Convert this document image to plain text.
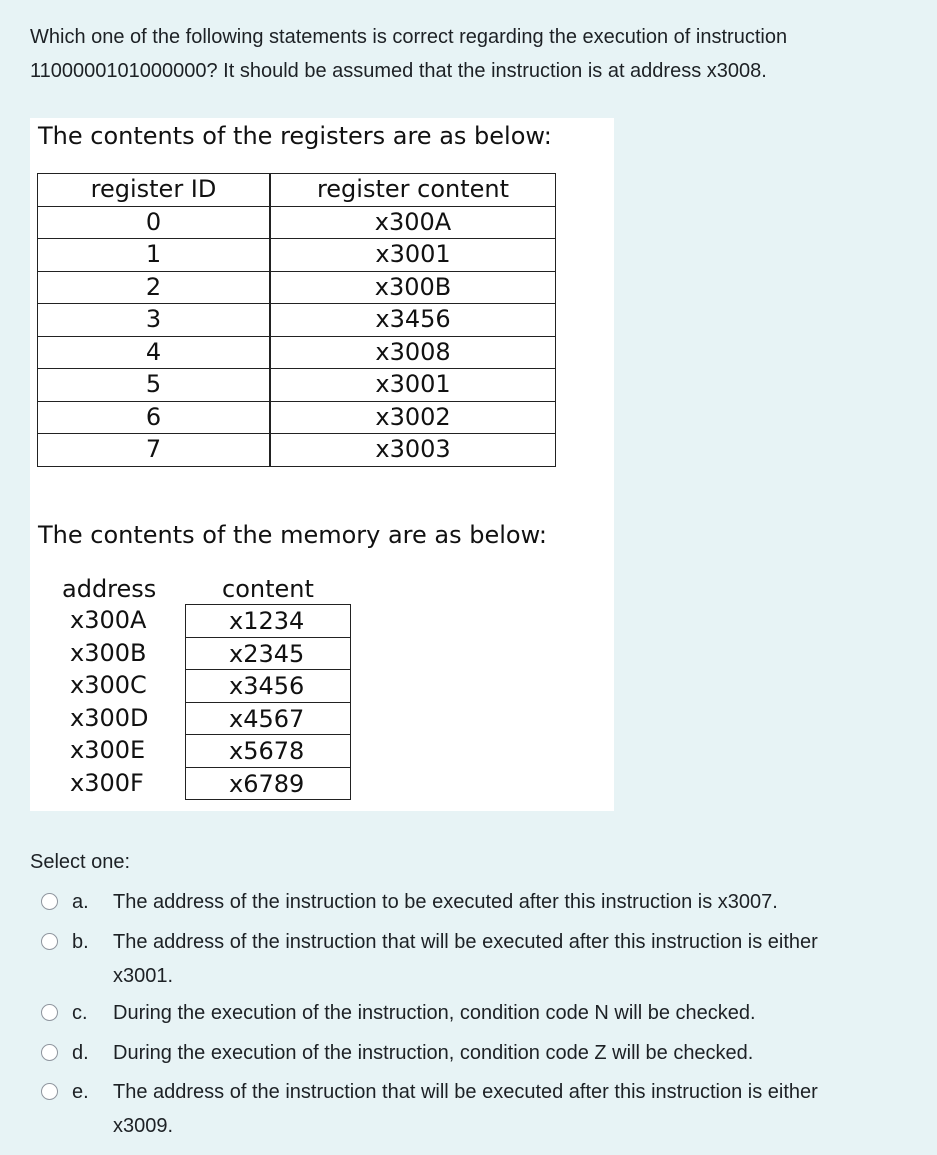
Which one of the following statements is correct regarding the execution of instruction
1100000101000000? It should be assumed that the instruction is at address x3008.
The contents of the registers are as below:
register ID	register content
0	x300A
1	x3001
2	x300B
3	x3456
4	x3008
5	x3001
6	x3002
7	x3003
The contents of the memory are as below:
address	content
x300A	x1234
x300B	x2345
x300C	x3456
x300D	x4567
x300E	x5678
x300F	x6789
Select one:
a. The address of the instruction to be executed after this instruction is x3007.
b. The address of the instruction that will be executed after this instruction is either
x3001.
c. During the execution of the instruction, condition code N will be checked.
d. During the execution of the instruction, condition code Z will be checked.
e. The address of the instruction that will be executed after this instruction is either
x3009.
